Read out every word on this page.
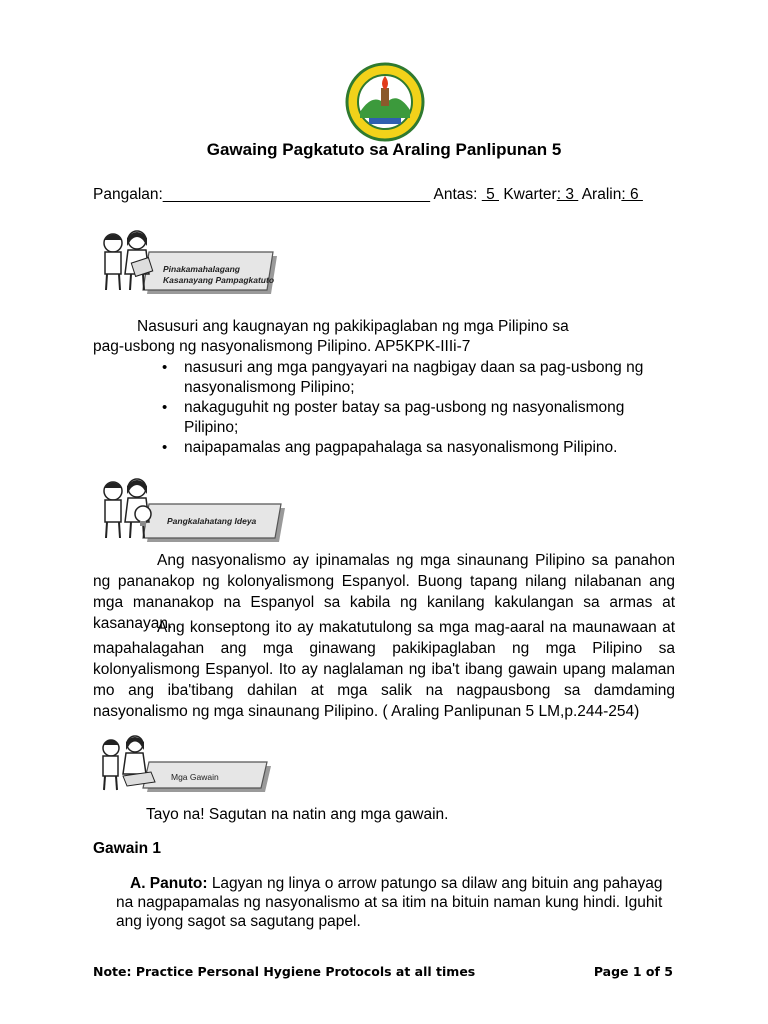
Gawaing Pagkatuto sa Araling Panlipunan 5
Pangalan:_______________________________ Antas:  5  Kwarter: 3  Aralin: 6
Pinakamahalagang
Kasanayang Pampagkatuto
Nasusuri ang kaugnayan ng pakikipaglaban ng mga Pilipino sa
pag-usbong ng nasyonalismong Pilipino. AP5KPK-IIIi-7
• nasusuri ang mga pangyayari na nagbigay daan sa pag-usbong ng nasyonalismong Pilipino;
• nakaguguhit ng poster batay sa pag-usbong ng nasyonalismong Pilipino;
• naipapamalas ang pagpapahalaga sa nasyonalismong Pilipino.
Pangkalahatang Ideya
Ang nasyonalismo ay ipinamalas ng mga sinaunang Pilipino sa panahon ng pananakop ng kolonyalismong Espanyol. Buong tapang nilang nilabanan ang mga mananakop na Espanyol sa kabila ng kanilang kakulangan sa armas at kasanayan.
Ang konseptong ito ay makatutulong sa mga mag-aaral na maunawaan at mapahalagahan ang mga ginawang pakikipaglaban ng mga Pilipino sa kolonyalismong Espanyol. Ito ay naglalaman ng iba't ibang gawain upang malaman mo ang iba'tibang dahilan at mga salik na nagpausbong sa damdaming nasyonalismo ng mga sinaunang Pilipino. ( Araling Panlipunan 5 LM,p.244-254)
Mga Gawain
Tayo na! Sagutan na natin ang mga gawain.
Gawain 1
A. Panuto: Lagyan ng linya o arrow patungo sa dilaw ang bituin ang pahayag na nagpapamalas ng nasyonalismo at sa itim na bituin naman kung hindi. Iguhit ang iyong sagot sa sagutang papel.
Note: Practice Personal Hygiene Protocols at all times	Page 1 of 5
